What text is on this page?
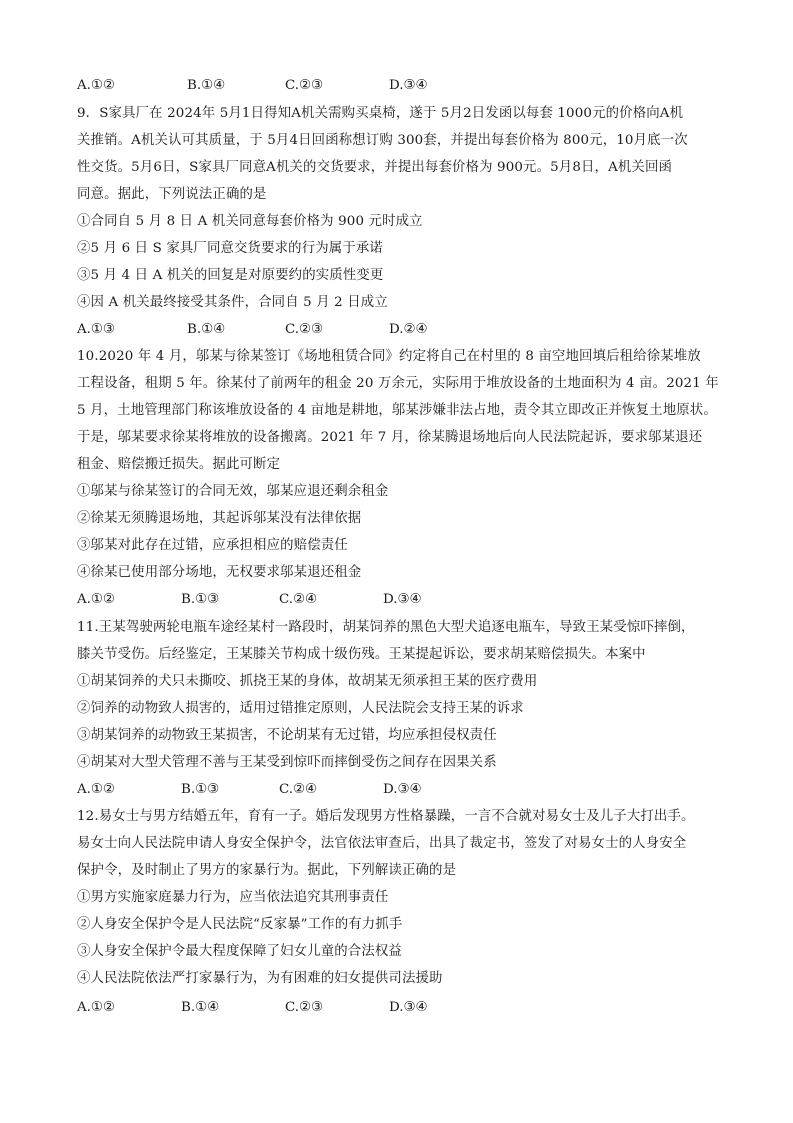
A.①②	B.①④	C.②③	D.③④
9．S家具厂在 2024年 5月1日得知A机关需购买桌椅，遂于 5月2日发函以每套 1000元的价格向A机
关推销。A机关认可其质量，于 5月4日回函称想订购 300套，并提出每套价格为 800元，10月底一次
性交货。5月6日，S家具厂同意A机关的交货要求，并提出每套价格为 900元。5月8日，A机关回函
同意。据此，下列说法正确的是
①合同自 5 月 8 日 A 机关同意每套价格为 900 元时成立
②5 月 6 日 S 家具厂同意交货要求的行为属于承诺
③5 月 4 日 A 机关的回复是对原要约的实质性变更
④因 A 机关最终接受其条件，合同自 5 月 2 日成立
A.①③	B.①④	C.②③	D.②④
10.2020 年 4 月，邬某与徐某签订《场地租赁合同》约定将自己在村里的 8 亩空地回填后租给徐某堆放
工程设备，租期 5 年。徐某付了前两年的租金 20 万余元，实际用于堆放设备的土地面积为 4 亩。2021 年
5 月，土地管理部门称该堆放设备的 4 亩地是耕地，邬某涉嫌非法占地，责令其立即改正并恢复土地原状。
于是，邬某要求徐某将堆放的设备搬离。2021 年 7 月，徐某腾退场地后向人民法院起诉，要求邬某退还
租金、赔偿搬迁损失。据此可断定
①邬某与徐某签订的合同无效，邬某应退还剩余租金
②徐某无须腾退场地，其起诉邬某没有法律依据
③邬某对此存在过错，应承担相应的赔偿责任
④徐某已使用部分场地，无权要求邬某退还租金
A.①②	B.①③	C.②④	D.③④
11.王某驾驶两轮电瓶车途经某村一路段时，胡某饲养的黑色大型犬追逐电瓶车，导致王某受惊吓摔倒，
膝关节受伤。后经鉴定，王某膝关节构成十级伤残。王某提起诉讼，要求胡某赔偿损失。本案中
①胡某饲养的犬只未撕咬、抓挠王某的身体，故胡某无须承担王某的医疗费用
②饲养的动物致人损害的，适用过错推定原则，人民法院会支持王某的诉求
③胡某饲养的动物致王某损害，不论胡某有无过错，均应承担侵权责任
④胡某对大型犬管理不善与王某受到惊吓而摔倒受伤之间存在因果关系
A.①②	B.①③	C.②④	D.③④
12.易女士与男方结婚五年，育有一子。婚后发现男方性格暴躁，一言不合就对易女士及儿子大打出手。
易女士向人民法院申请人身安全保护令，法官依法审查后，出具了裁定书，签发了对易女士的人身安全
保护令，及时制止了男方的家暴行为。据此，下列解读正确的是
①男方实施家庭暴力行为，应当依法追究其刑事责任
②人身安全保护令是人民法院“反家暴”工作的有力抓手
③人身安全保护令最大程度保障了妇女儿童的合法权益
④人民法院依法严打家暴行为，为有困难的妇女提供司法援助
A.①②	B.①④	C.②③	D.③④
